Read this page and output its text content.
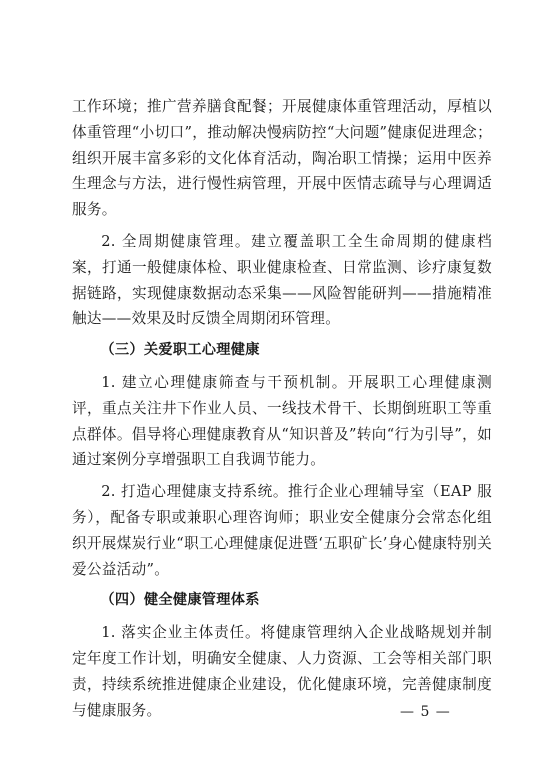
工作环境；推广营养膳食配餐；开展健康体重管理活动，厚植以体重管理“小切口”，推动解决慢病防控“大问题”健康促进理念；组织开展丰富多彩的文化体育活动，陶冶职工情操；运用中医养生理念与方法，进行慢性病管理，开展中医情志疏导与心理调适服务。

2. 全周期健康管理。建立覆盖职工全生命周期的健康档案，打通一般健康体检、职业健康检查、日常监测、诊疗康复数据链路，实现健康数据动态采集——风险智能研判——措施精准触达——效果及时反馈全周期闭环管理。

（三）关爱职工心理健康

1. 建立心理健康筛查与干预机制。开展职工心理健康测评，重点关注井下作业人员、一线技术骨干、长期倒班职工等重点群体。倡导将心理健康教育从“知识普及”转向“行为引导”，如通过案例分享增强职工自我调节能力。

2. 打造心理健康支持系统。推行企业心理辅导室（EAP 服务），配备专职或兼职心理咨询师；职业安全健康分会常态化组织开展煤炭行业“职工心理健康促进暨‘五职矿长’身心健康特别关爱公益活动”。

（四）健全健康管理体系

1. 落实企业主体责任。将健康管理纳入企业战略规划并制定年度工作计划，明确安全健康、人力资源、工会等相关部门职责，持续系统推进健康企业建设，优化健康环境，完善健康制度与健康服务。	— 5 —
